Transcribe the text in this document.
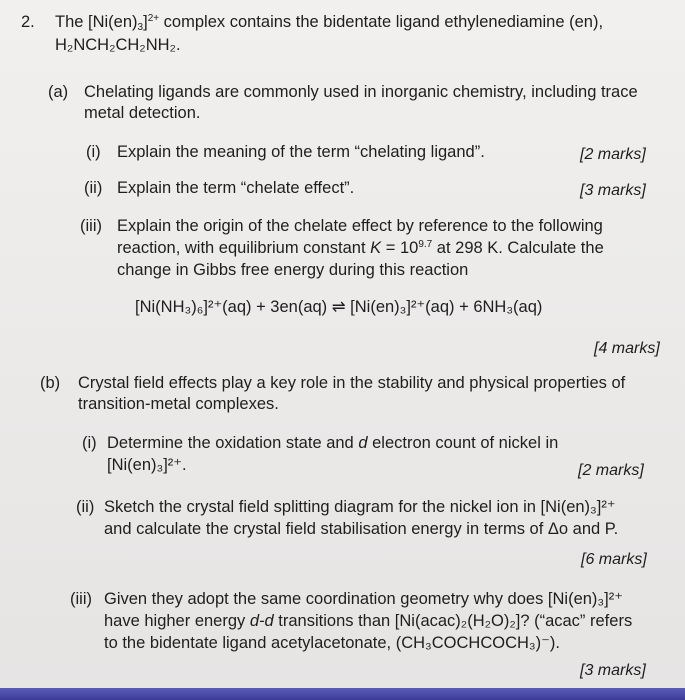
2. The $[Ni(en)_3]^{2+}$ complex contains the bidentate ligand ethylenediamine (en),
H₂NCH₂CH₂NH₂.
(a) Chelating ligands are commonly used in inorganic chemistry, including trace
metal detection.
(i) Explain the meaning of the term “chelating ligand”.	[2 marks]
(ii) Explain the term “chelate effect”.	[3 marks]
(iii) Explain the origin of the chelate effect by reference to the following
reaction, with equilibrium constant $K = 10^{9.7}$ at 298 K. Calculate the
change in Gibbs free energy during this reaction
[Ni(NH₃)₆]²⁺(aq) + 3en(aq) ⇌ [Ni(en)₃]²⁺(aq) + 6NH₃(aq)
[4 marks]
(b) Crystal field effects play a key role in the stability and physical properties of
transition-metal complexes.
(i) Determine the oxidation state and d electron count of nickel in
[Ni(en)₃]²⁺.	[2 marks]
(ii) Sketch the crystal field splitting diagram for the nickel ion in [Ni(en)₃]²⁺
and calculate the crystal field stabilisation energy in terms of Δo and P.
[6 marks]
(iii) Given they adopt the same coordination geometry why does [Ni(en)₃]²⁺
have higher energy d-d transitions than [Ni(acac)₂(H₂O)₂]? (“acac” refers
to the bidentate ligand acetylacetonate, (CH₃COCHCOCH₃)⁻).
[3 marks]
